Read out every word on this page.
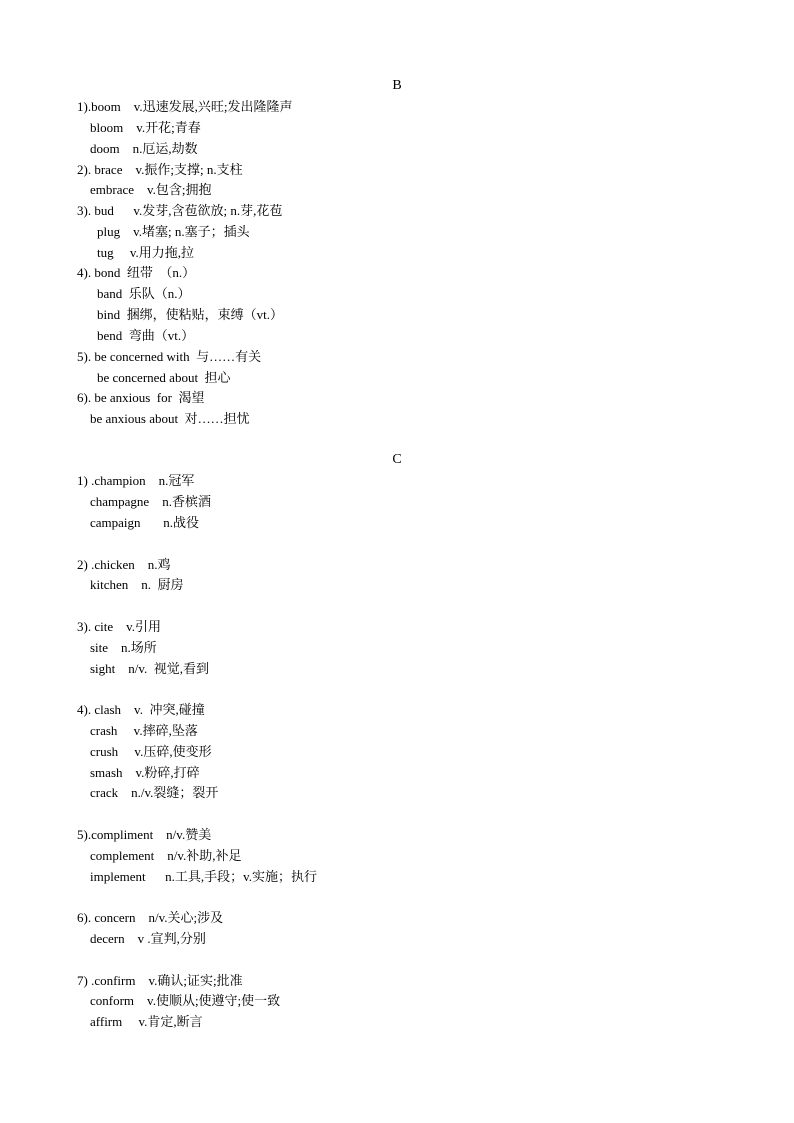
B
1).boom    v.迅速发展,兴旺;发出隆隆声
bloom    v.开花;青春
doom    n.厄运,劫数
2). brace    v.振作;支撑; n.支柱
embrace    v.包含;拥抱
3). bud      v.发芽,含苞欲放; n.芽,花苞
plug    v.堵塞; n.塞子；插头
tug     v.用力拖,拉
4). bond  纽带  （n.）
band  乐队（n.）
bind  捆绑，使粘贴，束缚（vt.）
bend  弯曲（vt.）
5). be concerned with  与……有关
be concerned about  担心
6). be anxious  for  渴望
be anxious about  对……担忧
C
1) .champion    n.冠军
champagne    n.香槟酒
campaign       n.战役
2) .chicken    n.鸡
kitchen    n.  厨房
3). cite    v.引用
site    n.场所
sight    n/v.  视觉,看到
4). clash    v.  冲突,碰撞
crash     v.摔碎,坠落
crush     v.压碎,使变形
smash    v.粉碎,打碎
crack    n./v.裂缝；裂开
5).compliment    n/v.赞美
complement    n/v.补助,补足
implement      n.工具,手段；v.实施；执行
6). concern    n/v.关心;涉及
decern    v .宣判,分别
7) .confirm    v.确认;证实;批准
conform    v.使顺从;使遵守;使一致
affirm     v.肯定,断言
